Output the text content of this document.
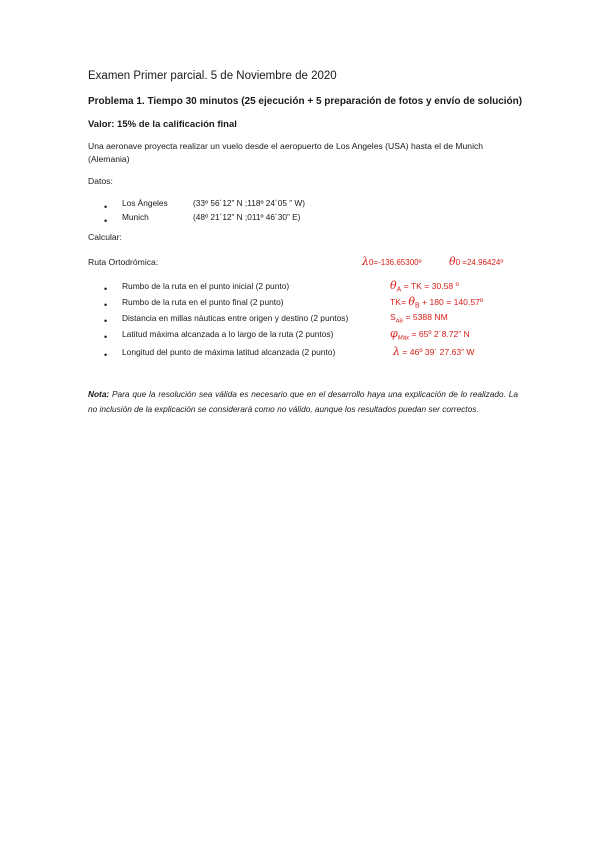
Examen Primer parcial. 5 de Noviembre de 2020
Problema 1. Tiempo 30 minutos (25 ejecución + 5 preparación de fotos y envío de solución)
Valor: 15% de la calificación final
Una aeronave proyecta realizar un vuelo desde el aeropuerto de Los Angeles (USA) hasta el de Munich (Alemania)
Datos:
• Los Ángeles	(33º 56´12” N ;118º 24´05 ” W)
• Munich	(48º 21´12” N ;011º 46´30” E)
Calcular:
Ruta Ortodrómica:	λ0=-136.65300º θ0 =24.96424º
• Rumbo de la ruta en el punto inicial (2 punto)	$\theta_A$ = TK = 30.58 º
• Rumbo de la ruta en el punto final (2 punto)	$TK= \theta_B + 180$ = 140.57º
• Distancia en millas náuticas entre origen y destino (2 puntos)	$S_{AB} = 5388$ NM
• Latitud máxima alcanzada a lo largo de la ruta (2 puntos)	$\varphi_{Máx}$ = 65º 2´8.72” N
• Longitud del punto de máxima latitud alcanzada (2 punto)	λ = 46º 39´ 27.63” W
Nota: Para que la resolución sea válida es necesario que en el desarrollo haya una explicación de lo realizado. La no inclusión de la explicación se considerará como no válido, aunque los resultados puedan ser correctos.
